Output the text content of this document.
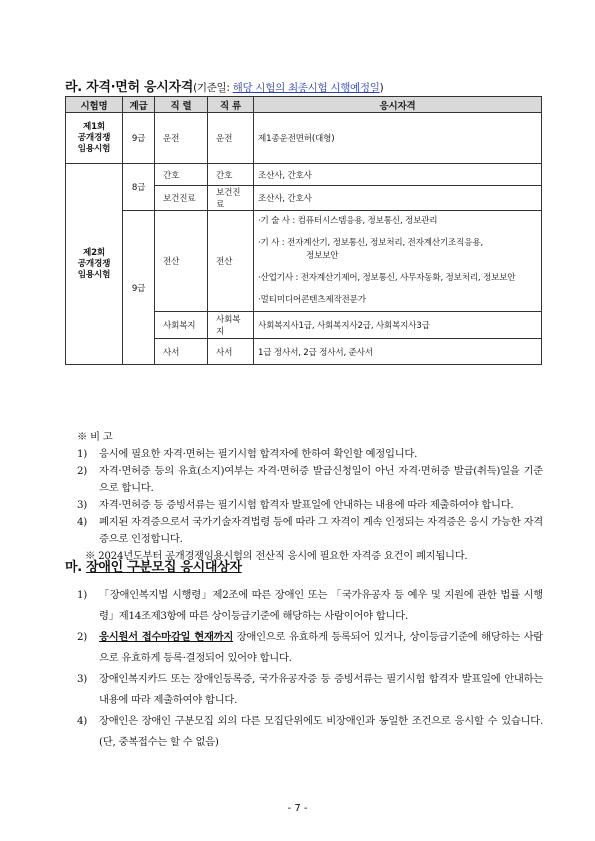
라. 자격·면허 응시자격(기준일: 해당 시험의 최종시험 시행예정일)
시험명	계급	직 렬	직 류	응시자격

제1회
공개경쟁
임용시험	9급	운전	운전	제1종운전면허(대형)

제2회
공개경쟁
임용시험	8급	간호	간호	조산사, 간호사
		보건진료	보건진료	조산사, 간호사
	9급	전산	전산	·기 술 사 : 컴퓨터시스템응용, 정보통신, 정보관리
·기 사 : 전자계산기, 정보통신, 정보처리, 전자계산기조직응용,
정보보안
·산업기사 : 전자계산기제어, 정보통신, 사무자동화, 정보처리, 정보보안
·멀티미디어콘텐츠제작전문가

		사회복지	사회복지	사회복지사1급, 사회복지사2급, 사회복지사3급
		사서	사서	1급 정사서, 2급 정사서, 준사서
※ 비 고
1)	응시에 필요한 자격·면허는 필기시험 합격자에 한하여 확인할 예정입니다.
2)	자격·면허증 등의 유효(소지)여부는 자격·면허증 발급신청일이 아닌 자격·면허증 발급(취득)일을 기준으로 합니다.
3)	자격·면허증 등 증빙서류는 필기시험 합격자 발표일에 안내하는 내용에 따라 제출하여야 합니다.
4)	폐지된 자격증으로서 국가기술자격법령 등에 따라 그 자격이 계속 인정되는 자격증은 응시 가능한 자격증으로 인정합니다.
※ 2024년도부터 공개경쟁임용시험의 전산직 응시에 필요한 자격증 요건이 폐지됩니다.
마. 장애인 구분모집 응시대상자
1)	「장애인복지법 시행령」제2조에 따른 장애인 또는 「국가유공자 등 예우 및 지원에 관한 법률 시행령」제14조제3항에 따른 상이등급기준에 해당하는 사람이어야 합니다.
2)	응시원서 접수마감일 현재까지 장애인으로 유효하게 등록되어 있거나, 상이등급기준에 해당하는 사람으로 유효하게 등록·결정되어 있어야 합니다.
3)	장애인복지카드 또는 장애인등록증, 국가유공자증 등 증빙서류는 필기시험 합격자 발표일에 안내하는 내용에 따라 제출하여야 합니다.
4)	장애인은 장애인 구분모집 외의 다른 모집단위에도 비장애인과 동일한 조건으로 응시할 수 있습니다. (단, 중복접수는 할 수 없음)
- 7 -
